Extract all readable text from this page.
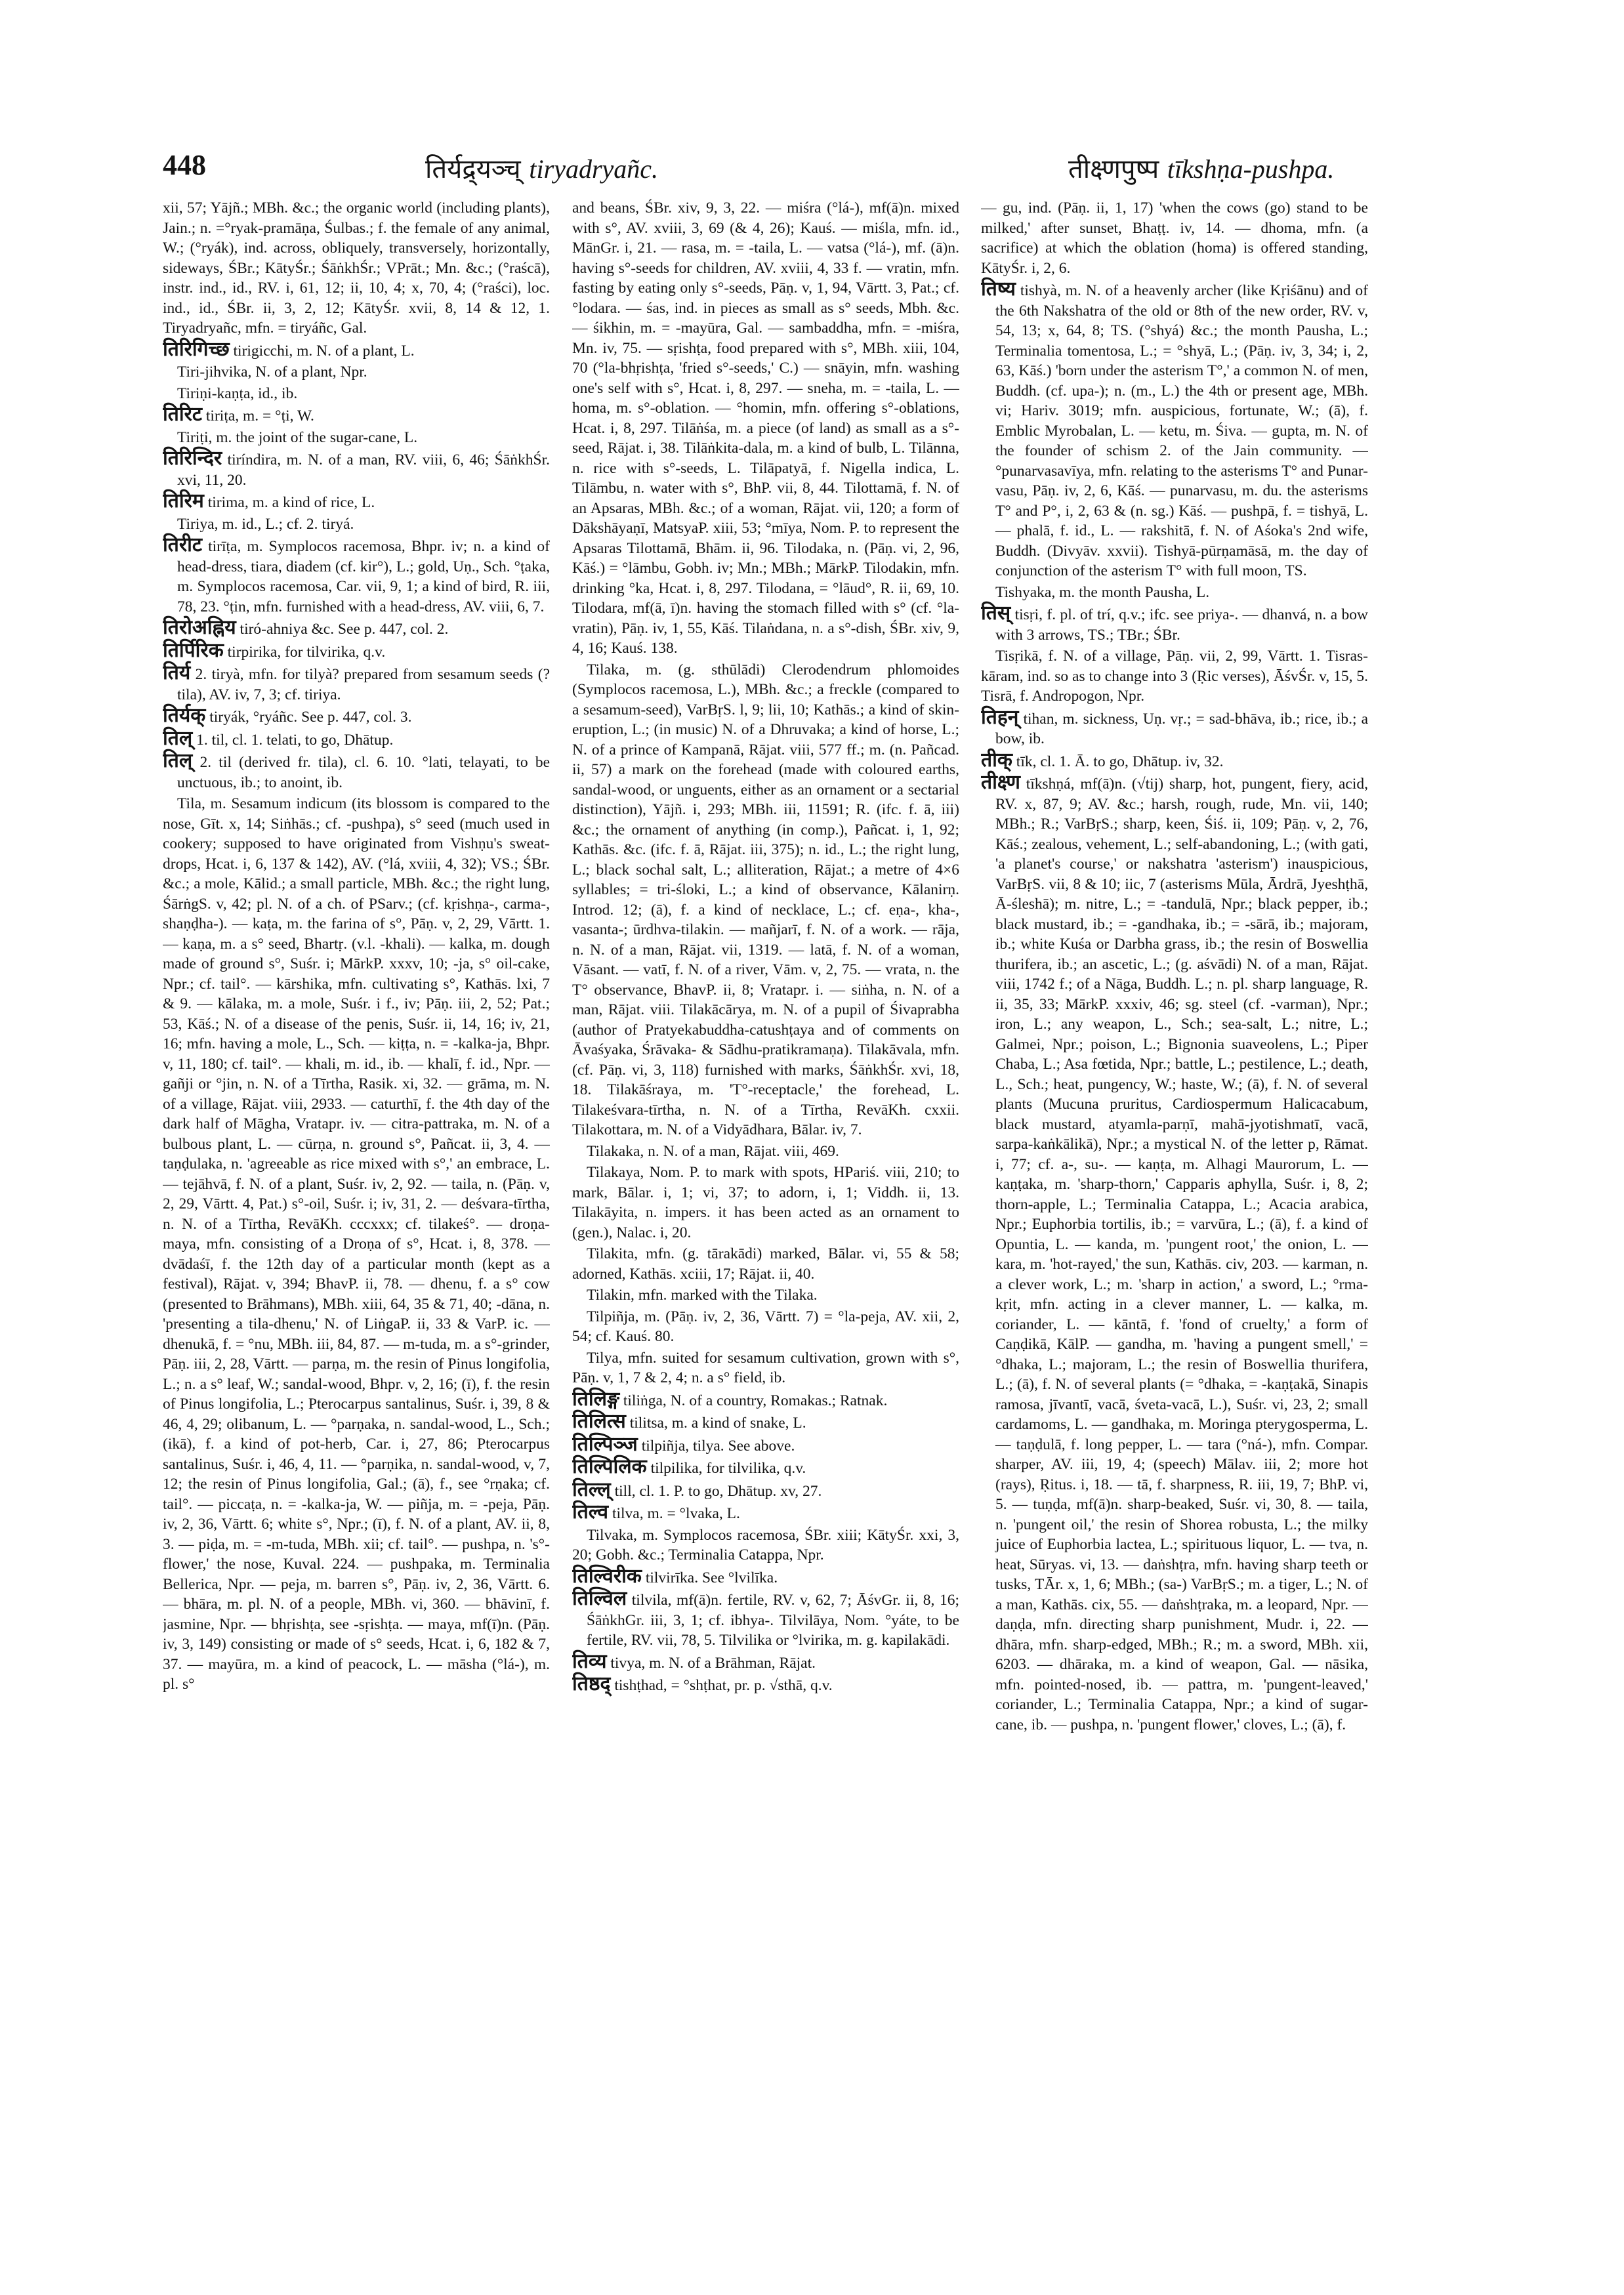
448	तिर्यद्र्यञ्च् tiryadryañc.	तीक्ष्णपुष्प tīkshṇa-pushpa.

xii, 57; Yājñ.; MBh. &c.; the organic world (including plants), Jain.; n. =°ryak-pramāṇa, Śulbas.; f. the female of any animal, W.; (°ryák), ind. across, obliquely, transversely, horizontally, sideways, ŚBr.; KātyŚr.; ŚāṅkhŚr.; VPrāt.; Mn. &c.; (°raścā), instr. ind., id., RV. i, 61, 12; ii, 10, 4; x, 70, 4; (°raści), loc. ind., id., ŚBr. ii, 3, 2, 12; KātyŚr. xvii, 8, 14 & 12, 1. Tiryadryañc, mfn. = tiryáñc, Gal.

तिरिगिच्छ tirigicchi, m. N. of a plant, L.

Tiri-jihvika, N. of a plant, Npr.

Tiriṇi-kaṇṭa, id., ib.

तिरिट tiriṭa, m. = °ṭi, W.

Tiriṭi, m. the joint of the sugar-cane, L.

तिरिन्दिर tiríndira, m. N. of a man, RV. viii, 6, 46; ŚāṅkhŚr. xvi, 11, 20.

तिरिम tirima, m. a kind of rice, L.

Tiriya, m. id., L.; cf. 2. tiryá.

तिरीट tirīṭa, m. Symplocos racemosa, Bhpr. iv; n. a kind of head-dress, tiara, diadem (cf. kir°), L.; gold, Uṇ., Sch. °ṭaka, m. Symplocos racemosa, Car. vii, 9, 1; a kind of bird, R. iii, 78, 23. °ṭin, mfn. furnished with a head-dress, AV. viii, 6, 7.

तिरोअह्निय tiró-ahniya &c. See p. 447, col. 2.

तिर्पिरिक tirpirika, for tilvirika, q.v.

तिर्य 2. tiryà, mfn. for tilyà? prepared from sesamum seeds (? tila), AV. iv, 7, 3; cf. tiriya.

तिर्यक् tiryák, °ryáñc. See p. 447, col. 3.

तिल् 1. til, cl. 1. telati, to go, Dhātup.

तिल् 2. til (derived fr. tila), cl. 6. 10. °lati, telayati, to be unctuous, ib.; to anoint, ib.

Tila, m. Sesamum indicum (its blossom is compared to the nose, Gīt. x, 14; Siṅhās.; cf. -pushpa), s° seed (much used in cookery; supposed to have originated from Vishṇu's sweat-drops, Hcat. i, 6, 137 & 142), AV. (°lá, xviii, 4, 32); VS.; ŚBr. &c.; a mole, Kālid.; a small particle, MBh. &c.; the right lung, ŚārṅgS. v, 42; pl. N. of a ch. of PSarv.; (cf. kṛishṇa-, carma-, shaṇḍha-). — kaṭa, m. the farina of s°, Pāṇ. v, 2, 29, Vārtt. 1. — kaṇa, m. a s° seed, Bhartṛ. (v.l. -khali). — kalka, m. dough made of ground s°, Suśr. i; MārkP. xxxv, 10; -ja, s° oil-cake, Npr.; cf. tail°. — kārshika, mfn. cultivating s°, Kathās. lxi, 7 & 9. — kālaka, m. a mole, Suśr. i f., iv; Pāṇ. iii, 2, 52; Pat.; 53, Kāś.; N. of a disease of the penis, Suśr. ii, 14, 16; iv, 21, 16; mfn. having a mole, L., Sch. — kiṭṭa, n. = -kalka-ja, Bhpr. v, 11, 180; cf. tail°. — khali, m. id., ib. — khalī, f. id., Npr. — gañji or °jin, n. N. of a Tīrtha, Rasik. xi, 32. — grāma, m. N. of a village, Rājat. viii, 2933. — caturthī, f. the 4th day of the dark half of Māgha, Vratapr. iv. — citra-pattraka, m. N. of a bulbous plant, L. — cūrṇa, n. ground s°, Pañcat. ii, 3, 4. — taṇḍulaka, n. 'agreeable as rice mixed with s°,' an embrace, L. — tejāhvā, f. N. of a plant, Suśr. iv, 2, 92. — taila, n. (Pāṇ. v, 2, 29, Vārtt. 4, Pat.) s°-oil, Suśr. i; iv, 31, 2. — deśvara-tīrtha, n. N. of a Tīrtha, RevāKh. cccxxx; cf. tilakeś°. — droṇa-maya, mfn. consisting of a Droṇa of s°, Hcat. i, 8, 378. — dvādaśī, f. the 12th day of a particular month (kept as a festival), Rājat. v, 394; BhavP. ii, 78. — dhenu, f. a s° cow (presented to Brāhmans), MBh. xiii, 64, 35 & 71, 40; -dāna, n. 'presenting a tila-dhenu,' N. of LiṅgaP. ii, 33 & VarP. ic. — dhenukā, f. = °nu, MBh. iii, 84, 87. — m-tuda, m. a s°-grinder, Pāṇ. iii, 2, 28, Vārtt. — parṇa, m. the resin of Pinus longifolia, L.; n. a s° leaf, W.; sandal-wood, Bhpr. v, 2, 16; (ī), f. the resin of Pinus longifolia, L.; Pterocarpus santalinus, Suśr. i, 39, 8 & 46, 4, 29; olibanum, L. — °parṇaka, n. sandal-wood, L., Sch.; (ikā), f. a kind of pot-herb, Car. i, 27, 86; Pterocarpus santalinus, Suśr. i, 46, 4, 11. — °parṇika, n. sandal-wood, v, 7, 12; the resin of Pinus longifolia, Gal.; (ā), f., see °rṇaka; cf. tail°. — piccaṭa, n. = -kalka-ja, W. — piñja, m. = -peja, Pāṇ. iv, 2, 36, Vārtt. 6; white s°, Npr.; (ī), f. N. of a plant, AV. ii, 8, 3. — piḍa, m. = -m-tuda, MBh. xii; cf. tail°. — pushpa, n. 's°-flower,' the nose, Kuval. 224. — pushpaka, m. Terminalia Bellerica, Npr. — peja, m. barren s°, Pāṇ. iv, 2, 36, Vārtt. 6. — bhāra, m. pl. N. of a people, MBh. vi, 360. — bhāvinī, f. jasmine, Npr. — bhṛishṭa, see -sṛishṭa. — maya, mf(ī)n. (Pāṇ. iv, 3, 149) consisting or made of s° seeds, Hcat. i, 6, 182 & 7, 37. — mayūra, m. a kind of peacock, L. — māsha (°lá-), m. pl. s°

and beans, ŚBr. xiv, 9, 3, 22. — miśra (°lá-), mf(ā)n. mixed with s°, AV. xviii, 3, 69 (& 4, 26); Kauś. — miśla, mfn. id., MānGr. i, 21. — rasa, m. = -taila, L. — vatsa (°lá-), mf. (ā)n. having s°-seeds for children, AV. xviii, 4, 33 f. — vratin, mfn. fasting by eating only s°-seeds, Pāṇ. v, 1, 94, Vārtt. 3, Pat.; cf. °lodara. — śas, ind. in pieces as small as s° seeds, Mbh. &c. — śikhin, m. = -mayūra, Gal. — sambaddha, mfn. = -miśra, Mn. iv, 75. — sṛishṭa, food prepared with s°, MBh. xiii, 104, 70 (°la-bhṛishṭa, 'fried s°-seeds,' C.) — snāyin, mfn. washing one's self with s°, Hcat. i, 8, 297. — sneha, m. = -taila, L. — homa, m. s°-oblation. — °homin, mfn. offering s°-oblations, Hcat. i, 8, 297. Tilāṅśa, m. a piece (of land) as small as a s°-seed, Rājat. i, 38. Tilāṅkita-dala, m. a kind of bulb, L. Tilānna, n. rice with s°-seeds, L. Tilāpatyā, f. Nigella indica, L. Tilāmbu, n. water with s°, BhP. vii, 8, 44. Tilottamā, f. N. of an Apsaras, MBh. &c.; of a woman, Rājat. vii, 120; a form of Dākshāyaṇī, MatsyaP. xiii, 53; °mīya, Nom. P. to represent the Apsaras Tilottamā, Bhām. ii, 96. Tilodaka, n. (Pāṇ. vi, 2, 96, Kāś.) = °lāmbu, Gobh. iv; Mn.; MBh.; MārkP. Tilodakin, mfn. drinking °ka, Hcat. i, 8, 297. Tilodana, = °lāud°, R. ii, 69, 10. Tilodara, mf(ā, ī)n. having the stomach filled with s° (cf. °la-vratin), Pāṇ. iv, 1, 55, Kāś. Tilaṅdana, n. a s°-dish, ŚBr. xiv, 9, 4, 16; Kauś. 138.

Tilaka, m. (g. sthūlādi) Clerodendrum phlomoides (Symplocos racemosa, L.), MBh. &c.; a freckle (compared to a sesamum-seed), VarBṛS. l, 9; lii, 10; Kathās.; a kind of skin-eruption, L.; (in music) N. of a Dhruvaka; a kind of horse, L.; N. of a prince of Kampanā, Rājat. viii, 577 ff.; m. (n. Pañcad. ii, 57) a mark on the forehead (made with coloured earths, sandal-wood, or unguents, either as an ornament or a sectarial distinction), Yājñ. i, 293; MBh. iii, 11591; R. (ifc. f. ā, iii) &c.; the ornament of anything (in comp.), Pañcat. i, 1, 92; Kathās. &c. (ifc. f. ā, Rājat. iii, 375); n. id., L.; the right lung, L.; black sochal salt, L.; alliteration, Rājat.; a metre of 4×6 syllables; = tri-śloki, L.; a kind of observance, Kālanirṇ. Introd. 12; (ā), f. a kind of necklace, L.; cf. eṇa-, kha-, vasanta-; ūrdhva-tilakin. — mañjarī, f. N. of a work. — rāja, n. N. of a man, Rājat. vii, 1319. — latā, f. N. of a woman, Vāsant. — vatī, f. N. of a river, Vām. v, 2, 75. — vrata, n. the T° observance, BhavP. ii, 8; Vratapr. i. — siṅha, n. N. of a man, Rājat. viii. Tilakācārya, m. N. of a pupil of Śivaprabha (author of Pratyekabuddha-catushṭaya and of comments on Āvaśyaka, Śrāvaka- & Sādhu-pratikramaṇa). Tilakāvala, mfn. (cf. Pāṇ. vi, 3, 118) furnished with marks, ŚāṅkhŚr. xvi, 18, 18. Tilakāśraya, m. 'T°-receptacle,' the forehead, L. Tilakeśvara-tīrtha, n. N. of a Tīrtha, RevāKh. cxxii. Tilakottara, m. N. of a Vidyādhara, Bālar. iv, 7.

Tilakaka, n. N. of a man, Rājat. viii, 469.

Tilakaya, Nom. P. to mark with spots, HPariś. viii, 210; to mark, Bālar. i, 1; vi, 37; to adorn, i, 1; Viddh. ii, 13. Tilakāyita, n. impers. it has been acted as an ornament to (gen.), Nalac. i, 20.

Tilakita, mfn. (g. tārakādi) marked, Bālar. vi, 55 & 58; adorned, Kathās. xciii, 17; Rājat. ii, 40.

Tilakin, mfn. marked with the Tilaka.

Tilpiñja, m. (Pāṇ. iv, 2, 36, Vārtt. 7) = °la-peja, AV. xii, 2, 54; cf. Kauś. 80.

Tilya, mfn. suited for sesamum cultivation, grown with s°, Pāṇ. v, 1, 7 & 2, 4; n. a s° field, ib.

तिलिङ्ग tiliṅga, N. of a country, Romakas.; Ratnak.

तिलित्स tilitsa, m. a kind of snake, L.

तिल्पिञ्ज tilpiñja, tilya. See above.

तिल्पिलिक tilpilika, for tilvilika, q.v.

तिल्ल् till, cl. 1. P. to go, Dhātup. xv, 27.

तिल्व tilva, m. = °lvaka, L.

Tilvaka, m. Symplocos racemosa, ŚBr. xiii; KātyŚr. xxi, 3, 20; Gobh. &c.; Terminalia Catappa, Npr.

तिल्विरीक tilvirīka. See °lvilīka.

तिल्विल tilvila, mf(ā)n. fertile, RV. v, 62, 7; ĀśvGr. ii, 8, 16; ŚāṅkhGr. iii, 3, 1; cf. ibhya-. Tilvilāya, Nom. °yáte, to be fertile, RV. vii, 78, 5. Tilvilika or °lvirika, m. g. kapilakādi.

तिव्य tivya, m. N. of a Brāhman, Rājat.

तिष्ठद् tishṭhad, = °shṭhat, pr. p. √sthā, q.v.

— gu, ind. (Pāṇ. ii, 1, 17) 'when the cows (go) stand to be milked,' after sunset, Bhaṭṭ. iv, 14. — dhoma, mfn. (a sacrifice) at which the oblation (homa) is offered standing, KātyŚr. i, 2, 6.

तिष्य tishyà, m. N. of a heavenly archer (like Kṛiśānu) and of the 6th Nakshatra of the old or 8th of the new order, RV. v, 54, 13; x, 64, 8; TS. (°shyá) &c.; the month Pausha, L.; Terminalia tomentosa, L.; = °shyā, L.; (Pāṇ. iv, 3, 34; i, 2, 63, Kāś.) 'born under the asterism T°,' a common N. of men, Buddh. (cf. upa-); n. (m., L.) the 4th or present age, MBh. vi; Hariv. 3019; mfn. auspicious, fortunate, W.; (ā), f. Emblic Myrobalan, L. — ketu, m. Śiva. — gupta, m. N. of the founder of schism 2. of the Jain community. — °punarvasavīya, mfn. relating to the asterisms T° and Punar-vasu, Pāṇ. iv, 2, 6, Kāś. — punarvasu, m. du. the asterisms T° and P°, i, 2, 63 & (n. sg.) Kāś. — pushpā, f. = tishyā, L. — phalā, f. id., L. — rakshitā, f. N. of Aśoka's 2nd wife, Buddh. (Divyāv. xxvii). Tishyā-pūrṇamāsā, m. the day of conjunction of the asterism T° with full moon, TS.

Tishyaka, m. the month Pausha, L.

तिस् tisṛi, f. pl. of trí, q.v.; ifc. see priya-. — dhanvá, n. a bow with 3 arrows, TS.; TBr.; ŚBr.

Tisṛikā, f. N. of a village, Pāṇ. vii, 2, 99, Vārtt. 1. Tisras-kāram, ind. so as to change into 3 (Ṛic verses), ĀśvŚr. v, 15, 5. Tisrā, f. Andropogon, Npr.

तिहन् tihan, m. sickness, Uṇ. vṛ.; = sad-bhāva, ib.; rice, ib.; a bow, ib.

तीक् tīk, cl. 1. Ā. to go, Dhātup. iv, 32.

तीक्ष्ण tīkshṇá, mf(ā)n. (√tij) sharp, hot, pungent, fiery, acid, RV. x, 87, 9; AV. &c.; harsh, rough, rude, Mn. vii, 140; MBh.; R.; VarBṛS.; sharp, keen, Śiś. ii, 109; Pāṇ. v, 2, 76, Kāś.; zealous, vehement, L.; self-abandoning, L.; (with gati, 'a planet's course,' or nakshatra 'asterism') inauspicious, VarBṛS. vii, 8 & 10; iic, 7 (asterisms Mūla, Ārdrā, Jyeshṭhā, Ā-śleshā); m. nitre, L.; = -tandulā, Npr.; black pepper, ib.; black mustard, ib.; = -gandhaka, ib.; = -sārā, ib.; majoram, ib.; white Kuśa or Darbha grass, ib.; the resin of Boswellia thurifera, ib.; an ascetic, L.; (g. aśvādi) N. of a man, Rājat. viii, 1742 f.; of a Nāga, Buddh. L.; n. pl. sharp language, R. ii, 35, 33; MārkP. xxxiv, 46; sg. steel (cf. -varman), Npr.; iron, L.; any weapon, L., Sch.; sea-salt, L.; nitre, L.; Galmei, Npr.; poison, L.; Bignonia suaveolens, L.; Piper Chaba, L.; Asa fœtida, Npr.; battle, L.; pestilence, L.; death, L., Sch.; heat, pungency, W.; haste, W.; (ā), f. N. of several plants (Mucuna pruritus, Cardiospermum Halicacabum, black mustard, atyamla-parṇī, mahā-jyotishmatī, vacā, sarpa-kaṅkālikā), Npr.; a mystical N. of the letter p, Rāmat. i, 77; cf. a-, su-. — kaṇṭa, m. Alhagi Maurorum, L. — kaṇṭaka, m. 'sharp-thorn,' Capparis aphylla, Suśr. i, 8, 2; thorn-apple, L.; Terminalia Catappa, L.; Acacia arabica, Npr.; Euphorbia tortilis, ib.; = varvūra, L.; (ā), f. a kind of Opuntia, L. — kanda, m. 'pungent root,' the onion, L. — kara, m. 'hot-rayed,' the sun, Kathās. civ, 203. — karman, n. a clever work, L.; m. 'sharp in action,' a sword, L.; °rma-kṛit, mfn. acting in a clever manner, L. — kalka, m. coriander, L. — kāntā, f. 'fond of cruelty,' a form of Caṇḍikā, KālP. — gandha, m. 'having a pungent smell,' = °dhaka, L.; majoram, L.; the resin of Boswellia thurifera, L.; (ā), f. N. of several plants (= °dhaka, = -kaṇṭakā, Sinapis ramosa, jīvantī, vacā, śveta-vacā, L.), Suśr. vi, 23, 2; small cardamoms, L. — gandhaka, m. Moringa pterygosperma, L. — taṇḍulā, f. long pepper, L. — tara (°ná-), mfn. Compar. sharper, AV. iii, 19, 4; (speech) Mālav. iii, 2; more hot (rays), Ṛitus. i, 18. — tā, f. sharpness, R. iii, 19, 7; BhP. vi, 5. — tuṇḍa, mf(ā)n. sharp-beaked, Suśr. vi, 30, 8. — taila, n. 'pungent oil,' the resin of Shorea robusta, L.; the milky juice of Euphorbia lactea, L.; spirituous liquor, L. — tva, n. heat, Sūryas. vi, 13. — daṅshṭra, mfn. having sharp teeth or tusks, TĀr. x, 1, 6; MBh.; (sa-) VarBṛS.; m. a tiger, L.; N. of a man, Kathās. cix, 55. — daṅshṭraka, m. a leopard, Npr. — daṇḍa, mfn. directing sharp punishment, Mudr. i, 22. — dhāra, mfn. sharp-edged, MBh.; R.; m. a sword, MBh. xii, 6203. — dhāraka, m. a kind of weapon, Gal. — nāsika, mfn. pointed-nosed, ib. — pattra, m. 'pungent-leaved,' coriander, L.; Terminalia Catappa, Npr.; a kind of sugar-cane, ib. — pushpa, n. 'pungent flower,' cloves, L.; (ā), f.
